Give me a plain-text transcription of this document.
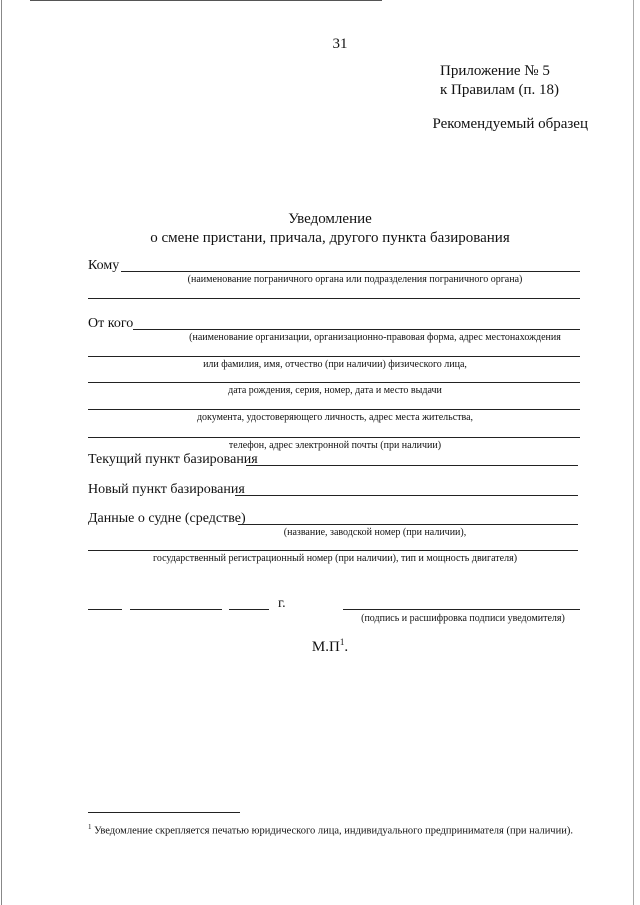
31
Приложение № 5
к Правилам (п. 18)
Рекомендуемый образец
Уведомление
о смене пристани, причала, другого пункта базирования
Кому
(наименование пограничного органа или подразделения пограничного органа)
От кого
(наименование организации, организационно-правовая форма, адрес местонахождения
или фамилия, имя, отчество (при наличии) физического лица,
дата рождения, серия, номер, дата и место выдачи
документа, удостоверяющего личность, адрес места жительства,
телефон, адрес электронной почты (при наличии)
Текущий пункт базирования
Новый пункт базирования
Данные о судне (средстве)
(название, заводской номер (при наличии),
государственный регистрационный номер (при наличии), тип и мощность двигателя)
г.
(подпись и расшифровка подписи уведомителя)
$М.П^1$.
$^1$ Уведомление скрепляется печатью юридического лица, индивидуального предпринимателя (при наличии).
